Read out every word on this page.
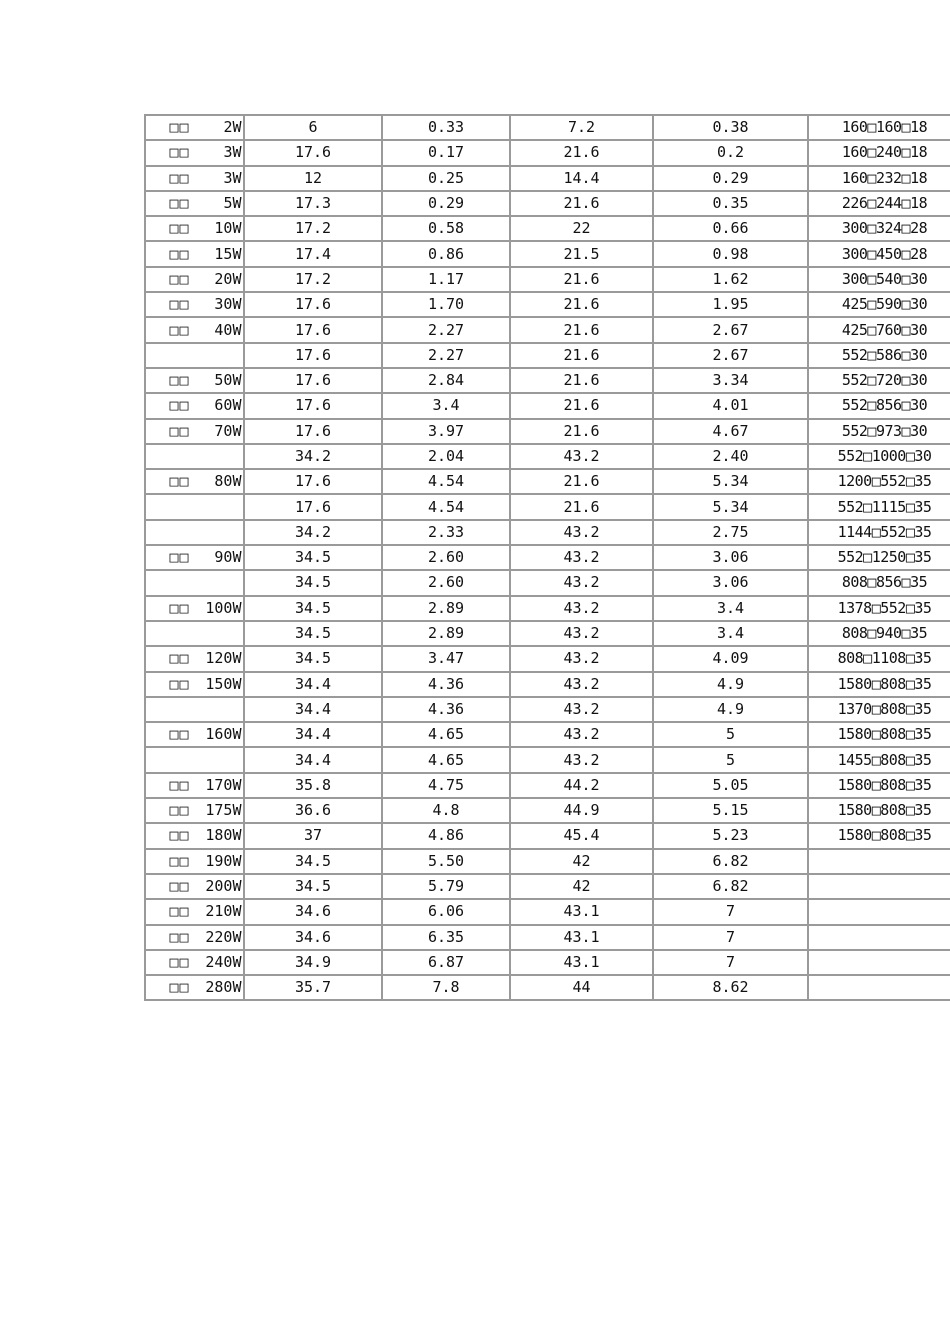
□□ 2W	6	0.33	7.2	0.38	160□160□18
□□ 3W	17.6	0.17	21.6	0.2	160□240□18
□□ 3W	12	0.25	14.4	0.29	160□232□18
□□ 5W	17.3	0.29	21.6	0.35	226□244□18
□□ 10W	17.2	0.58	22	0.66	300□324□28
□□ 15W	17.4	0.86	21.5	0.98	300□450□28
□□ 20W	17.2	1.17	21.6	1.62	300□540□30
□□ 30W	17.6	1.70	21.6	1.95	425□590□30
□□ 40W	17.6	2.27	21.6	2.67	425□760□30
	17.6	2.27	21.6	2.67	552□586□30
□□ 50W	17.6	2.84	21.6	3.34	552□720□30
□□ 60W	17.6	3.4	21.6	4.01	552□856□30
□□ 70W	17.6	3.97	21.6	4.67	552□973□30
	34.2	2.04	43.2	2.40	552□1000□30
□□ 80W	17.6	4.54	21.6	5.34	1200□552□35
	17.6	4.54	21.6	5.34	552□1115□35
	34.2	2.33	43.2	2.75	1144□552□35
□□ 90W	34.5	2.60	43.2	3.06	552□1250□35
	34.5	2.60	43.2	3.06	808□856□35
□□ 100W	34.5	2.89	43.2	3.4	1378□552□35
	34.5	2.89	43.2	3.4	808□940□35
□□ 120W	34.5	3.47	43.2	4.09	808□1108□35
□□ 150W	34.4	4.36	43.2	4.9	1580□808□35
	34.4	4.36	43.2	4.9	1370□808□35
□□ 160W	34.4	4.65	43.2	5	1580□808□35
	34.4	4.65	43.2	5	1455□808□35
□□ 170W	35.8	4.75	44.2	5.05	1580□808□35
□□ 175W	36.6	4.8	44.9	5.15	1580□808□35
□□ 180W	37	4.86	45.4	5.23	1580□808□35
□□ 190W	34.5	5.50	42	6.82	
□□ 200W	34.5	5.79	42	6.82	
□□ 210W	34.6	6.06	43.1	7	
□□ 220W	34.6	6.35	43.1	7	
□□ 240W	34.9	6.87	43.1	7	
□□ 280W	35.7	7.8	44	8.62	
